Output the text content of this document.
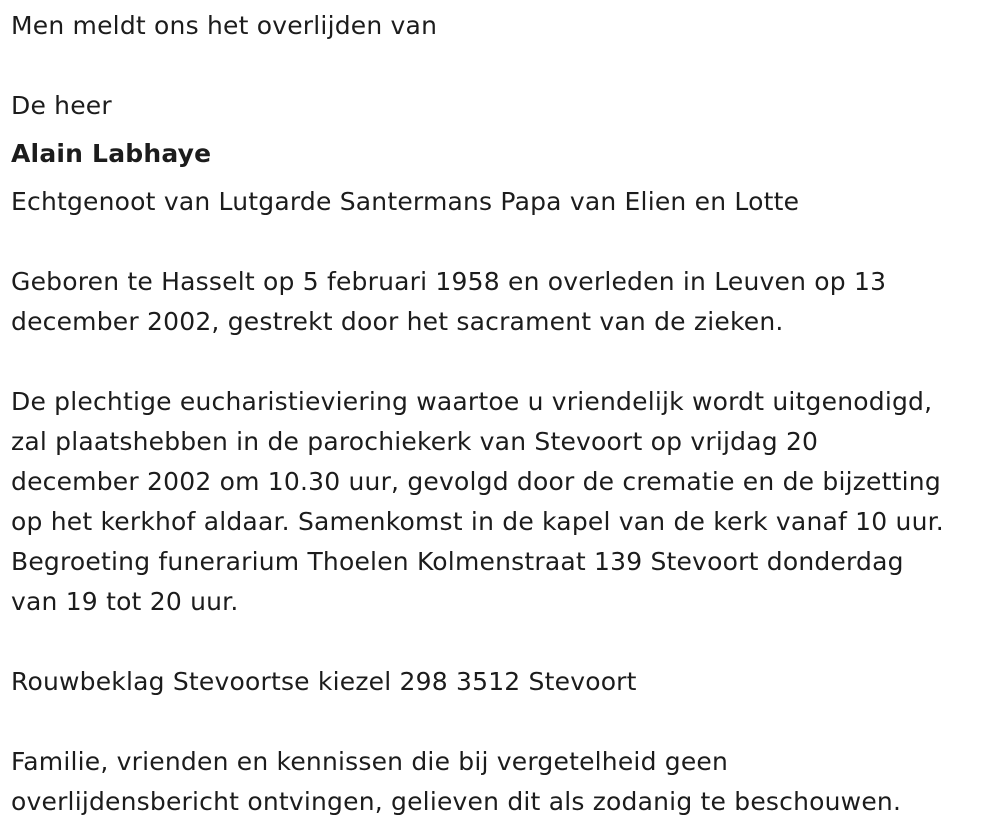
Men meldt ons het overlijden van
De heer
Alain Labhaye
Echtgenoot van Lutgarde Santermans Papa van Elien en Lotte
Geboren te Hasselt op 5 februari 1958 en overleden in Leuven op 13
december 2002, gestrekt door het sacrament van de zieken.
De plechtige eucharistieviering waartoe u vriendelijk wordt uitgenodigd,
zal plaatshebben in de parochiekerk van Stevoort op vrijdag 20
december 2002 om 10.30 uur, gevolgd door de crematie en de bijzetting
op het kerkhof aldaar. Samenkomst in de kapel van de kerk vanaf 10 uur.
Begroeting funerarium Thoelen Kolmenstraat 139 Stevoort donderdag
van 19 tot 20 uur.
Rouwbeklag Stevoortse kiezel 298 3512 Stevoort
Familie, vrienden en kennissen die bij vergetelheid geen
overlijdensbericht ontvingen, gelieven dit als zodanig te beschouwen.
